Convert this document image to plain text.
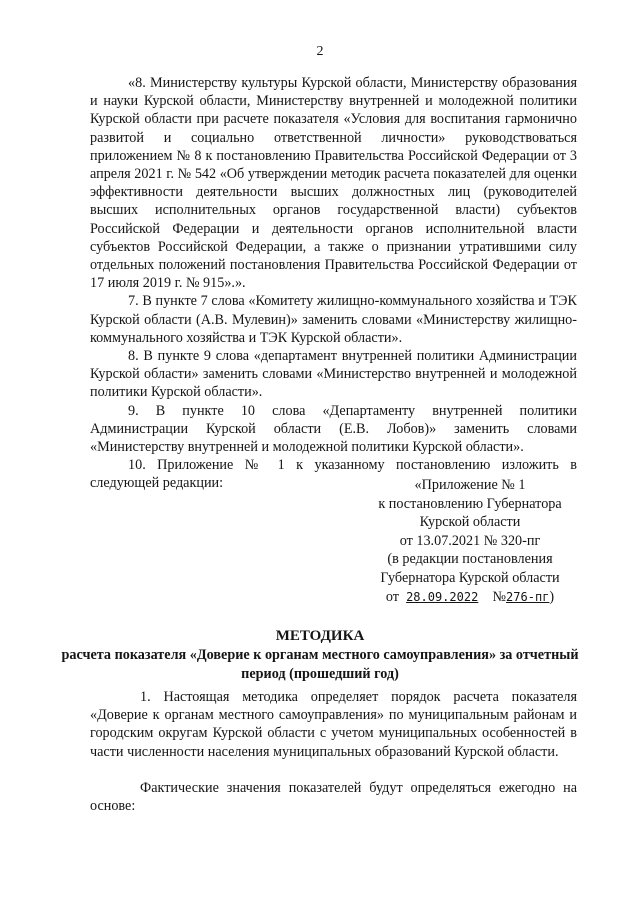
2

«8. Министерству культуры Курской области, Министерству образования и науки Курской области, Министерству внутренней и молодежной политики Курской области при расчете показателя «Условия для воспитания гармонично развитой и социально ответственной личности» руководствоваться приложением № 8 к постановлению Правительства Российской Федерации от 3 апреля 2021 г. № 542 «Об утверждении методик расчета показателей для оценки эффективности деятельности высших должностных лиц (руководителей высших исполнительных органов государственной власти) субъектов Российской Федерации и деятельности органов исполнительной власти субъектов Российской Федерации, а также о признании утратившими силу отдельных положений постановления Правительства Российской Федерации от 17 июля 2019 г. № 915».».

7. В пункте 7 слова «Комитету жилищно-коммунального хозяйства и ТЭК Курской области (А.В. Мулевин)» заменить словами «Министерству жилищно-коммунального хозяйства и ТЭК Курской области».

8. В пункте 9 слова «департамент внутренней политики Администрации Курской области» заменить словами «Министерство внутренней и молодежной политики Курской области».

9. В пункте 10 слова «Департаменту внутренней политики Администрации Курской области (Е.В. Лобов)» заменить словами «Министерству внутренней и молодежной политики Курской области».

10. Приложение № 1 к указанному постановлению изложить в следующей редакции:	«Приложение № 1
к постановлению Губернатора
Курской области
от 13.07.2021 № 320-пг
(в редакции постановления
Губернатора Курской области
от 28.09.2022 №276-пг)
МЕТОДИКА
расчета показателя «Доверие к органам местного самоуправления» за отчетный период (прошедший год)

1. Настоящая методика определяет порядок расчета показателя «Доверие к органам местного самоуправления» по муниципальным районам и городским округам Курской области с учетом муниципальных особенностей в части численности населения муниципальных образований Курской области.

Фактические значения показателей будут определяться ежегодно на основе:
